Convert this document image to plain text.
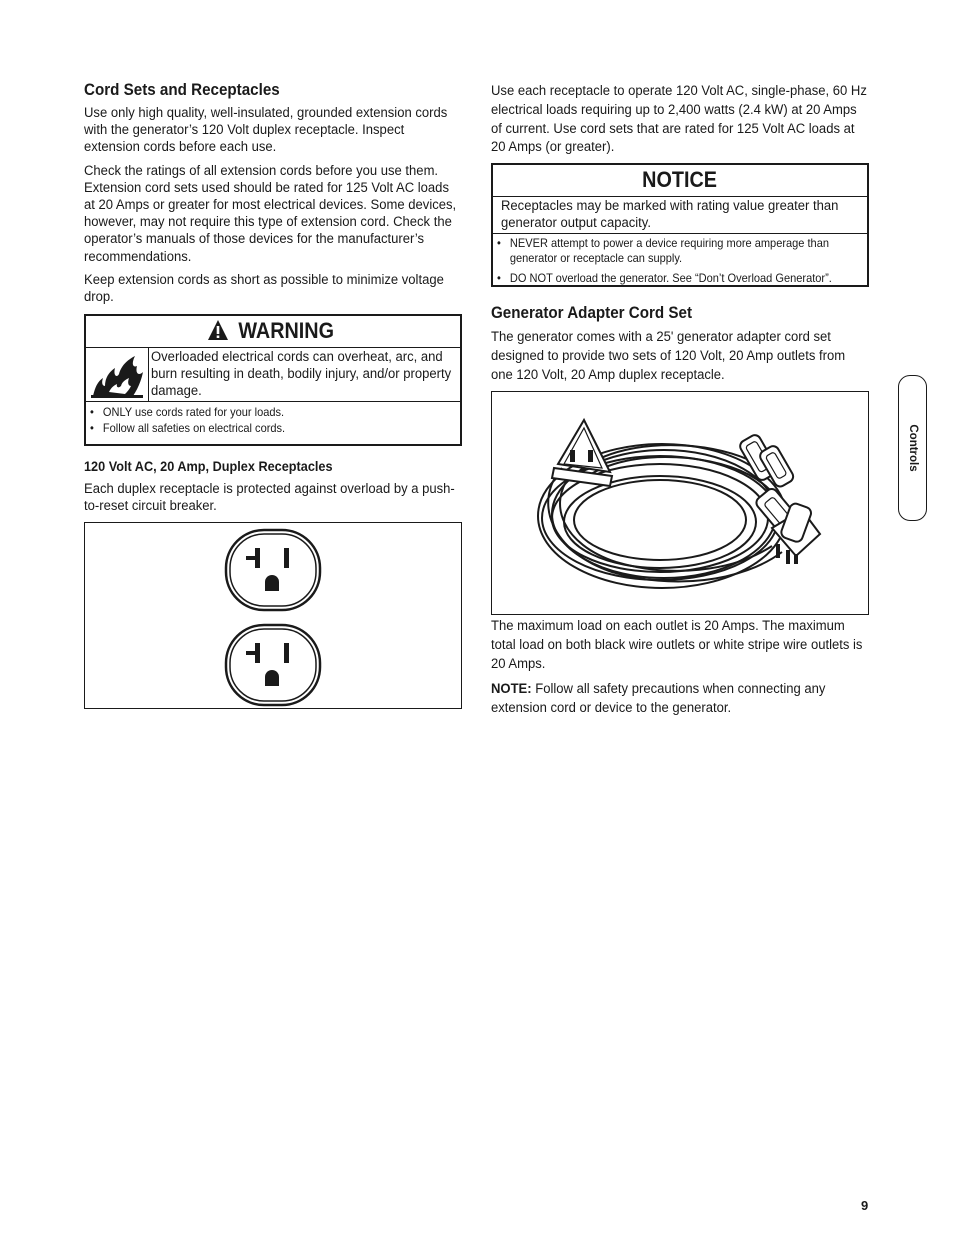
Cord Sets and Receptacles

Use only high quality, well-insulated, grounded extension cords with the generator’s 120 Volt duplex receptacle. Inspect extension cords before each use.

Check the ratings of all extension cords before you use them. Extension cord sets used should be rated for 125 Volt AC loads at 20 Amps or greater for most electrical devices. Some devices, however, may not require this type of extension cord. Check the operator’s manuals of those devices for the manufacturer’s recommendations.

Keep extension cords as short as possible to minimize voltage drop.

WARNING
Overloaded electrical cords can overheat, arc, and burn resulting in death, bodily injury, and/or property damage.
• ONLY use cords rated for your loads.
• Follow all safeties on electrical cords.
120 Volt AC, 20 Amp, Duplex Receptacles

Each duplex receptacle is protected against overload by a push-to-reset circuit breaker.

Use each receptacle to operate 120 Volt AC, single-phase, 60 Hz electrical loads requiring up to 2,400 watts (2.4 kW) at 20 Amps of current. Use cord sets that are rated for 125 Volt AC loads at 20 Amps (or greater).

NOTICE
Receptacles may be marked with rating value greater than generator output capacity.
• NEVER attempt to power a device requiring more amperage than generator or receptacle can supply.
• DO NOT overload the generator. See “Don’t Overload Generator”.
Generator Adapter Cord Set

The generator comes with a 25' generator adapter cord set designed to provide two sets of 120 Volt, 20 Amp outlets from one 120 Volt, 20 Amp duplex receptacle.

The maximum load on each outlet is 20 Amps. The maximum total load on both black wire outlets or white stripe wire outlets is 20 Amps.

NOTE: Follow all safety precautions when connecting any extension cord or device to the generator.

Controls
9
